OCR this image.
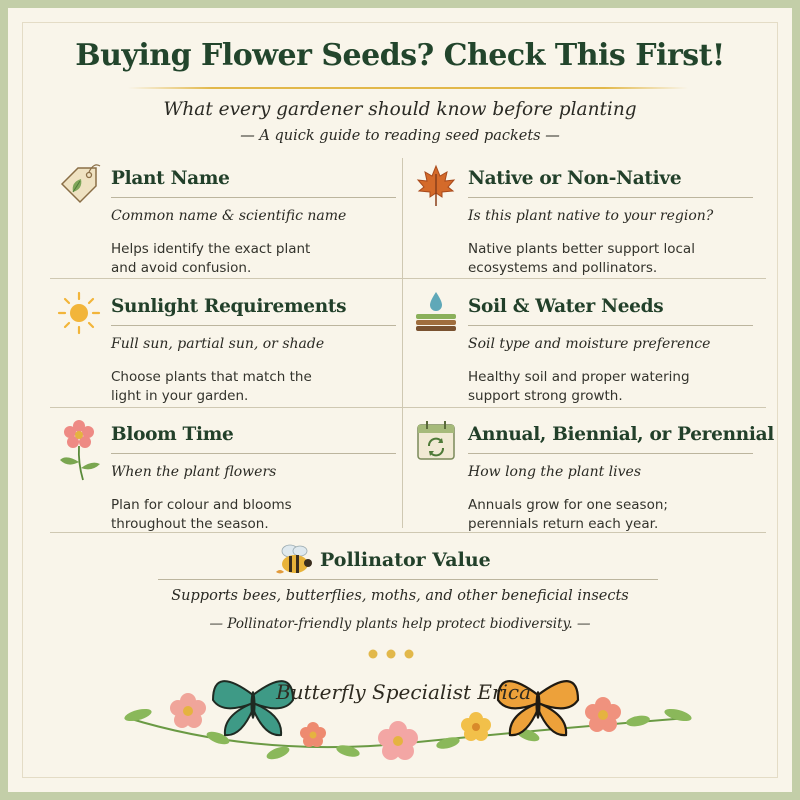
Buying Flower Seeds? Check This First!
What every gardener should know before planting
— A quick guide to reading seed packets —
Plant Name
Common name & scientific name
Helps identify the exact plant and avoid confusion.
Native or Non-Native
Is this plant native to your region?
Native plants better support local ecosystems and pollinators.
Sunlight Requirements
Full sun, partial sun, or shade
Choose plants that match the light in your garden.
Soil & Water Needs
Soil type and moisture preference
Healthy soil and proper watering support strong growth.
Bloom Time
When the plant flowers
Plan for colour and blooms throughout the season.
Annual, Biennial, or Perennial
How long the plant lives
Annuals grow for one season; perennials return each year.
Pollinator Value
Supports bees, butterflies, moths, and other beneficial insects
— Pollinator-friendly plants help protect biodiversity. —
Butterfly Specialist Erica
